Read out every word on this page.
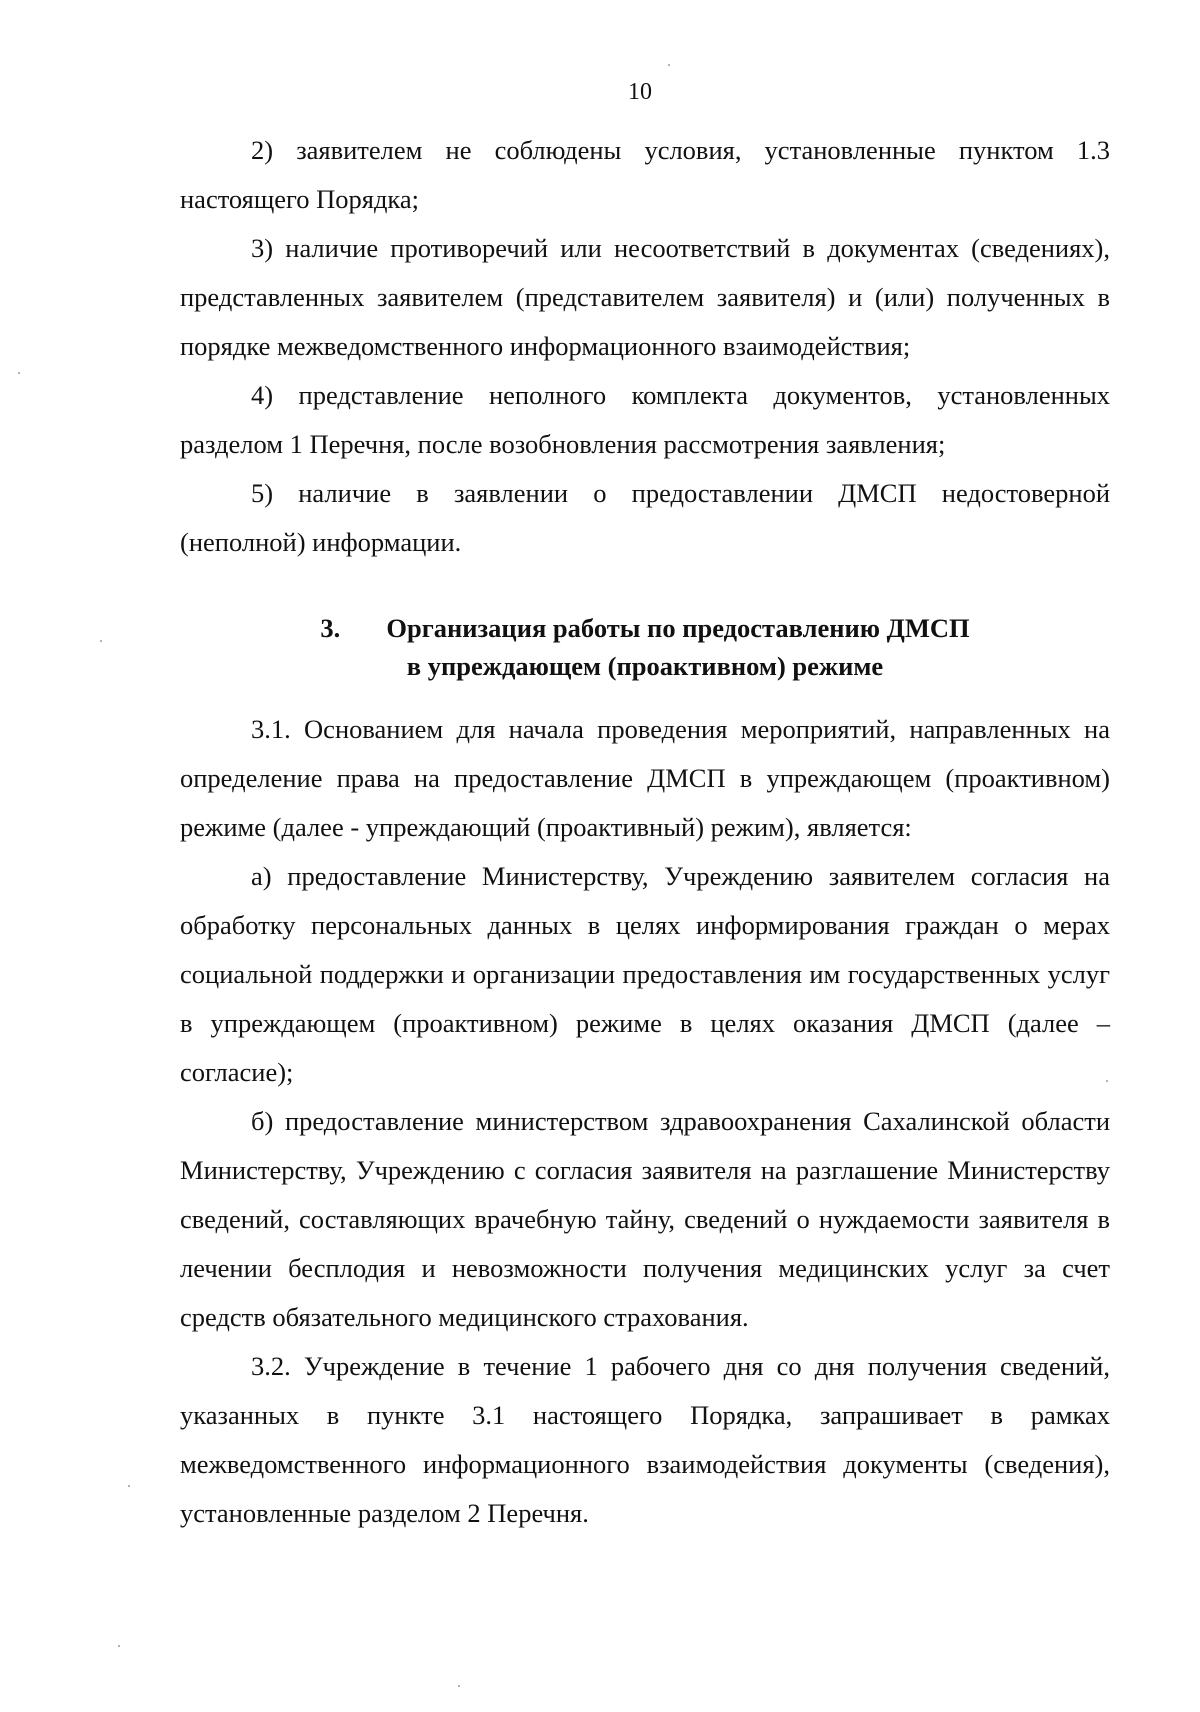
10

2) заявителем не соблюдены условия, установленные пунктом 1.3 настоящего Порядка;

3) наличие противоречий или несоответствий в документах (сведениях), представленных заявителем (представителем заявителя) и (или) полученных в порядке межведомственного информационного взаимодействия;

4) представление неполного комплекта документов, установленных разделом 1 Перечня, после возобновления рассмотрения заявления;

5) наличие в заявлении о предоставлении ДМСП недостоверной (неполной) информации.

3. Организация работы по предоставлению ДМСП
в упреждающем (проактивном) режиме

3.1. Основанием для начала проведения мероприятий, направленных на определение права на предоставление ДМСП в упреждающем (проактивном) режиме (далее - упреждающий (проактивный) режим), является:

а) предоставление Министерству, Учреждению заявителем согласия на обработку персональных данных в целях информирования граждан о мерах социальной поддержки и организации предоставления им государственных услуг в упреждающем (проактивном) режиме в целях оказания ДМСП (далее – согласие);

б) предоставление министерством здравоохранения Сахалинской области Министерству, Учреждению с согласия заявителя на разглашение Министерству сведений, составляющих врачебную тайну, сведений о нуждаемости заявителя в лечении бесплодия и невозможности получения медицинских услуг за счет средств обязательного медицинского страхования.

3.2. Учреждение в течение 1 рабочего дня со дня получения сведений, указанных в пункте 3.1 настоящего Порядка, запрашивает в рамках межведомственного информационного взаимодействия документы (сведения), установленные разделом 2 Перечня.
